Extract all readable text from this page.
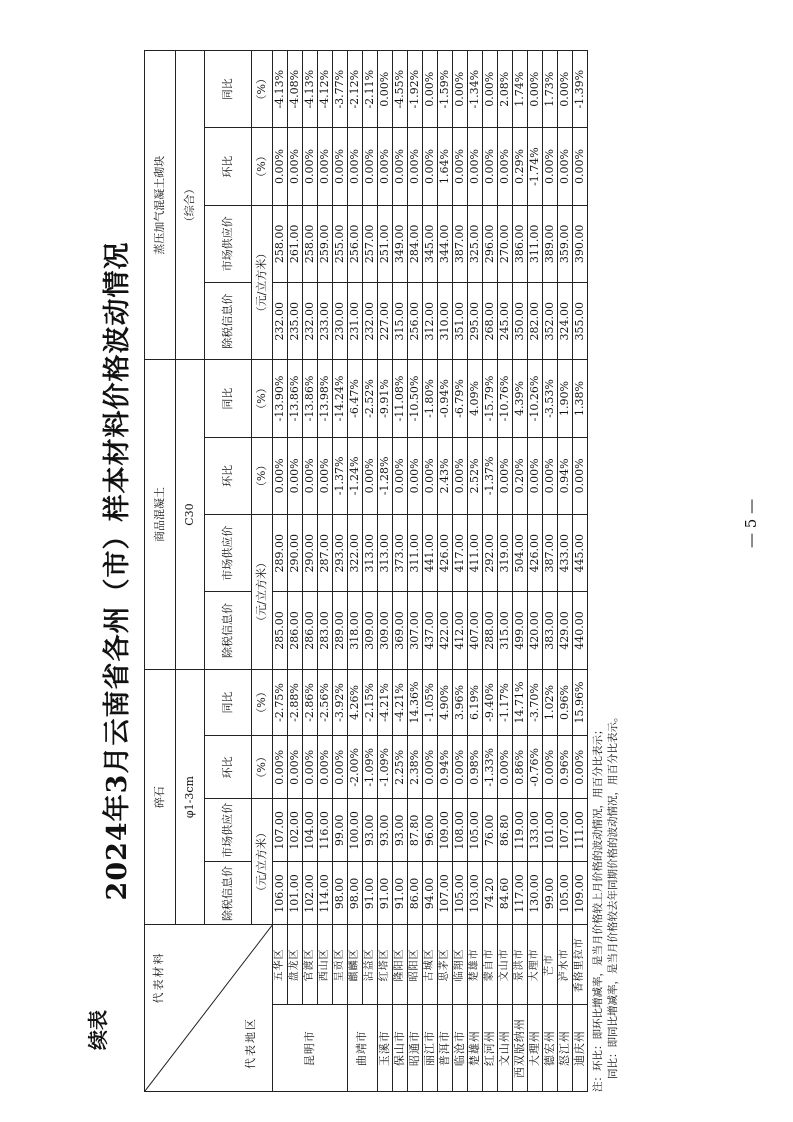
续表
— 5 —
2024年3月云南省各州（市）样本材料价格波动情况
代表材料
代表地区		碎石				商品混凝土				蒸压加气混凝土砌块			
		φ1-3cm				C30				（综合）			
		除税信息价	市场供应价	环比	同比	除税信息价	市场供应价	环比	同比	除税信息价	市场供应价	环比	同比
		（元/立方米）		（%）	（%）	（元/立方米）		（%）	（%）	（元/立方米）		（%）	（%）
昆明市	五华区	106.00	107.00	0.00%	-2.75%	285.00	289.00	0.00%	-13.90%	232.00	258.00	0.00%	-4.13%
	盘龙区	101.00	102.00	0.00%	-2.88%	286.00	290.00	0.00%	-13.86%	235.00	261.00	0.00%	-4.08%
	官渡区	102.00	104.00	0.00%	-2.86%	286.00	290.00	0.00%	-13.86%	232.00	258.00	0.00%	-4.13%
	西山区	114.00	116.00	0.00%	-2.56%	283.00	287.00	0.00%	-13.98%	233.00	259.00	0.00%	-4.12%
	呈贡区	98.00	99.00	0.00%	-3.92%	289.00	293.00	-1.37%	-14.24%	230.00	255.00	0.00%	-3.77%
曲靖市	麒麟区	98.00	100.00	-2.00%	4.26%	318.00	322.00	-1.24%	-6.47%	231.00	256.00	0.00%	-2.12%
	沾益区	91.00	93.00	-1.09%	-2.15%	309.00	313.00	0.00%	-2.52%	232.00	257.00	0.00%	-2.11%
玉溪市	红塔区	91.00	93.00	-1.09%	-4.21%	309.00	313.00	-1.28%	-9.91%	227.00	251.00	0.00%	0.00%
保山市	隆阳区	91.00	93.00	2.25%	-4.21%	369.00	373.00	0.00%	-11.08%	315.00	349.00	0.00%	-4.55%
昭通市	昭阳区	86.00	87.80	2.38%	14.36%	307.00	311.00	0.00%	-10.50%	256.00	284.00	0.00%	-1.92%
丽江市	古城区	94.00	96.00	0.00%	-1.05%	437.00	441.00	0.00%	-1.80%	312.00	345.00	0.00%	0.00%
普洱市	思茅区	107.00	109.00	0.94%	4.90%	422.00	426.00	2.43%	-0.94%	310.00	344.00	1.64%	-1.59%
临沧市	临翔区	105.00	108.00	0.00%	3.96%	412.00	417.00	0.00%	-6.79%	351.00	387.00	0.00%	0.00%
楚雄州	楚雄市	103.00	105.00	0.98%	6.19%	407.00	411.00	2.52%	4.09%	295.00	325.00	0.00%	-1.34%
红河州	蒙自市	74.20	76.00	-1.33%	-9.40%	288.00	292.00	-1.37%	-15.79%	268.00	296.00	0.00%	0.00%
文山州	文山市	84.60	86.80	0.00%	-1.17%	315.00	319.00	0.00%	-10.76%	245.00	270.00	0.00%	2.08%
西双版纳州	景洪市	117.00	119.00	0.86%	14.71%	499.00	504.00	0.20%	4.39%	350.00	386.00	0.29%	1.74%
大理州	大理市	130.00	133.00	-0.76%	-3.70%	420.00	426.00	0.00%	-10.26%	282.00	311.00	-1.74%	0.00%
德宏州	芒市	99.00	101.00	0.00%	1.02%	383.00	387.00	0.00%	-3.53%	352.00	389.00	0.00%	1.73%
怒江州	泸水市	105.00	107.00	0.96%	0.96%	429.00	433.00	0.94%	1.90%	324.00	359.00	0.00%	0.00%
迪庆州	香格里拉市	109.00	111.00	0.00%	15.96%	440.00	445.00	0.00%	1.38%	355.00	390.00	0.00%	-1.39%
注：环比：即环比增减率，是当月价格较上月价格的波动情况，用百分比表示； 同比：即同比增减率，是当月价格较去年同期价格的波动情况，用百分比表示。
